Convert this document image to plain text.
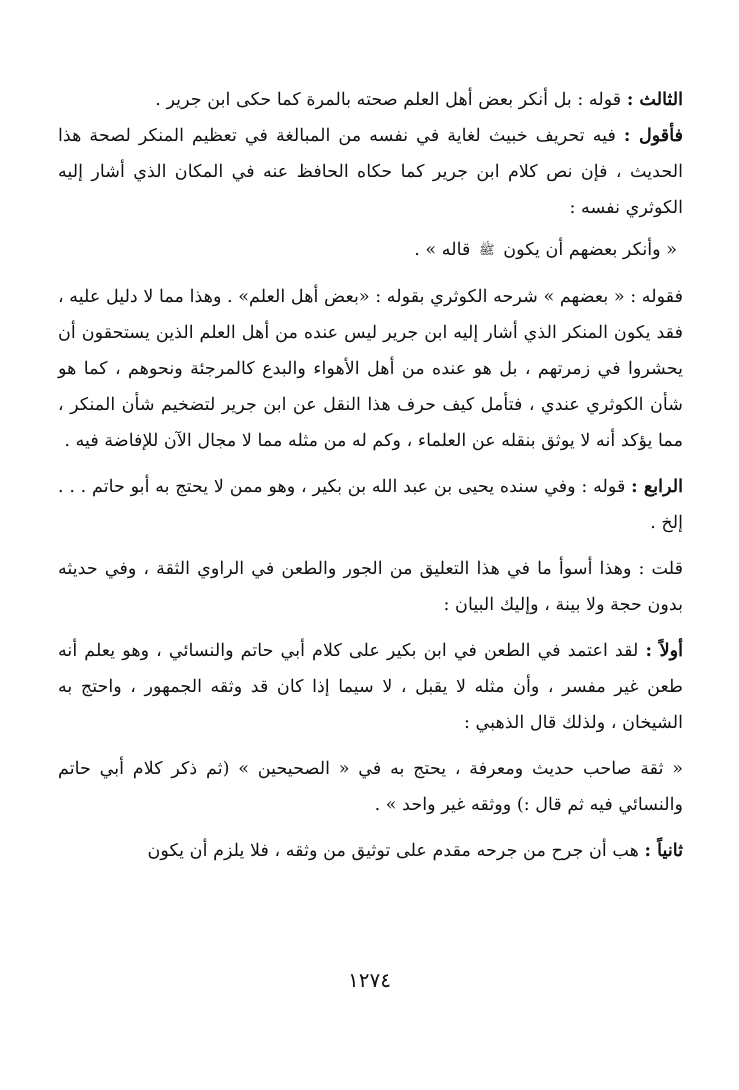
الثالث : قوله : بل أنكر بعض أهل العلم صحته بالمرة كما حكى ابن جرير .

فأقول : فيه تحريف خبيث لغاية في نفسه من المبالغة في تعظيم المنكر لصحة هذا الحديث ، فإن نص كلام ابن جرير كما حكاه الحافظ عنه في المكان الذي أشار إليه الكوثري نفسه :

« وأنكر بعضهم أن يكون ﷺ قاله » .

فقوله : « بعضهم » شرحه الكوثري بقوله : «بعض أهل العلم» . وهذا مما لا دليل عليه ، فقد يكون المنكر الذي أشار إليه ابن جرير ليس عنده من أهل العلم الذين يستحقون أن يحشروا في زمرتهم ، بل هو عنده من أهل الأهواء والبدع كالمرجئة ونحوهم ، كما هو شأن الكوثري عندي ، فتأمل كيف حرف هذا النقل عن ابن جرير لتضخيم شأن المنكر ، مما يؤكد أنه لا يوثق بنقله عن العلماء ، وكم له من مثله مما لا مجال الآن للإفاضة فيه .

الرابع : قوله : وفي سنده يحيى بن عبد الله بن بكير ، وهو ممن لا يحتج به أبو حاتم . . . إلخ .

قلت : وهذا أسوأ ما في هذا التعليق من الجور والطعن في الراوي الثقة ، وفي حديثه بدون حجة ولا بينة ، وإليك البيان :

أولاً : لقد اعتمد في الطعن في ابن بكير على كلام أبي حاتم والنسائي ، وهو يعلم أنه طعن غير مفسر ، وأن مثله لا يقبل ، لا سيما إذا كان قد وثقه الجمهور ، واحتج به الشيخان ، ولذلك قال الذهبي :

« ثقة صاحب حديث ومعرفة ، يحتج به في « الصحيحين » (ثم ذكر كلام أبي حاتم والنسائي فيه ثم قال :) ووثقه غير واحد » .

ثانياً : هب أن جرح من جرحه مقدم على توثيق من وثقه ، فلا يلزم أن يكون

١٢٧٤
